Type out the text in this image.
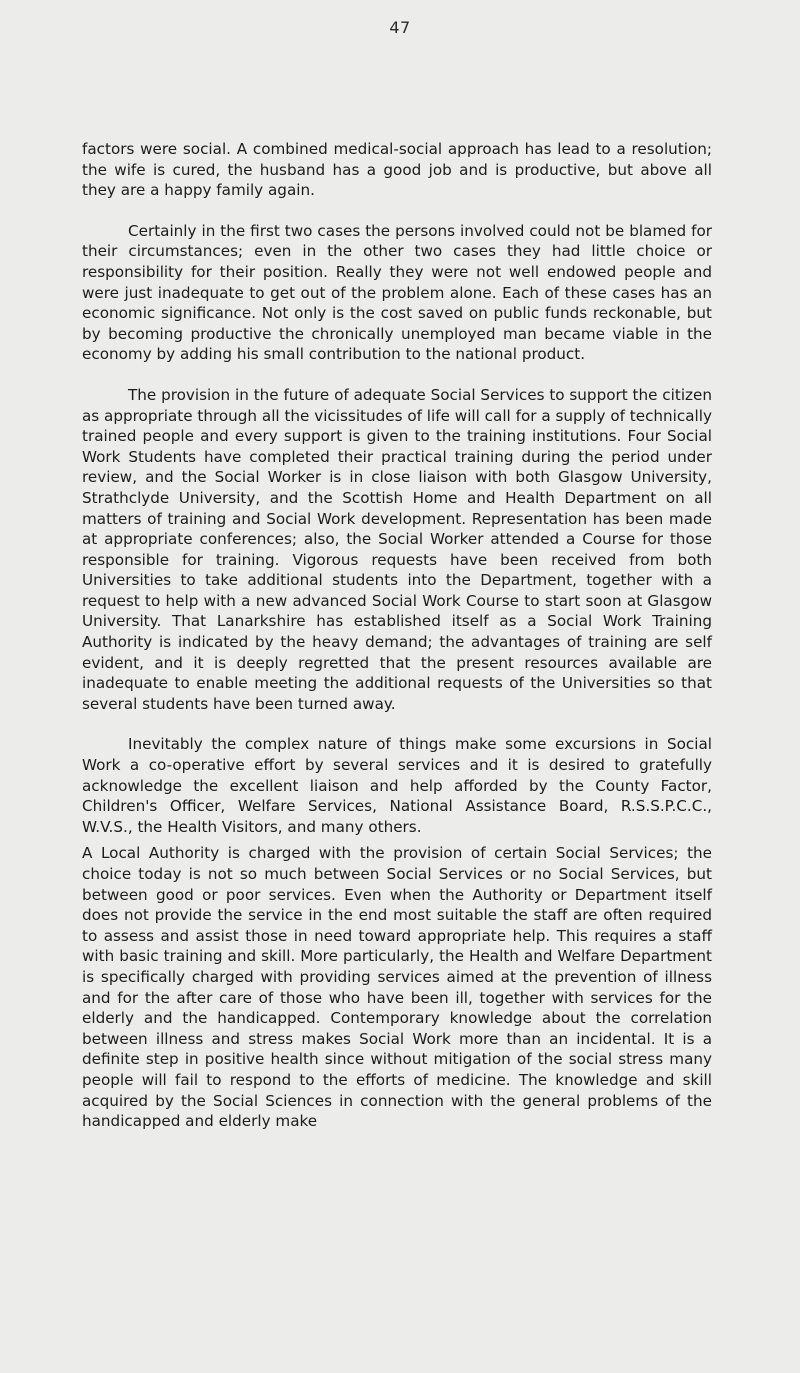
47

factors were social. A combined medical-social approach has lead to a resolution; the wife is cured, the husband has a good job and is productive, but above all they are a happy family again.

Certainly in the first two cases the persons involved could not be blamed for their circumstances; even in the other two cases they had little choice or responsibility for their position. Really they were not well endowed people and were just inadequate to get out of the problem alone. Each of these cases has an economic significance. Not only is the cost saved on public funds reckonable, but by becoming productive the chronically unemployed man became viable in the economy by adding his small contribution to the national product.

The provision in the future of adequate Social Services to support the citizen as appropriate through all the vicissitudes of life will call for a supply of technically trained people and every support is given to the training institutions. Four Social Work Students have completed their practical training during the period under review, and the Social Worker is in close liaison with both Glasgow University, Strathclyde University, and the Scottish Home and Health Department on all matters of training and Social Work development. Representation has been made at appropriate conferences; also, the Social Worker attended a Course for those responsible for training. Vigorous requests have been received from both Universities to take additional students into the Department, together with a request to help with a new advanced Social Work Course to start soon at Glasgow University. That Lanarkshire has established itself as a Social Work Training Authority is indicated by the heavy demand; the advantages of training are self evident, and it is deeply regretted that the present resources available are inadequate to enable meeting the additional requests of the Universities so that several students have been turned away.

Inevitably the complex nature of things make some excursions in Social Work a co-operative effort by several services and it is desired to gratefully acknowledge the excellent liaison and help afforded by the County Factor, Children's Officer, Welfare Services, National Assistance Board, R.S.S.P.C.C., W.V.S., the Health Visitors, and many others.

A Local Authority is charged with the provision of certain Social Services; the choice today is not so much between Social Services or no Social Services, but between good or poor services. Even when the Authority or Department itself does not provide the service in the end most suitable the staff are often required to assess and assist those in need toward appropriate help. This requires a staff with basic training and skill. More particularly, the Health and Welfare Department is specifically charged with providing services aimed at the prevention of illness and for the after care of those who have been ill, together with services for the elderly and the handicapped. Contemporary knowledge about the correlation between illness and stress makes Social Work more than an incidental. It is a definite step in positive health since without mitigation of the social stress many people will fail to respond to the efforts of medicine. The knowledge and skill acquired by the Social Sciences in connection with the general problems of the handicapped and elderly make
